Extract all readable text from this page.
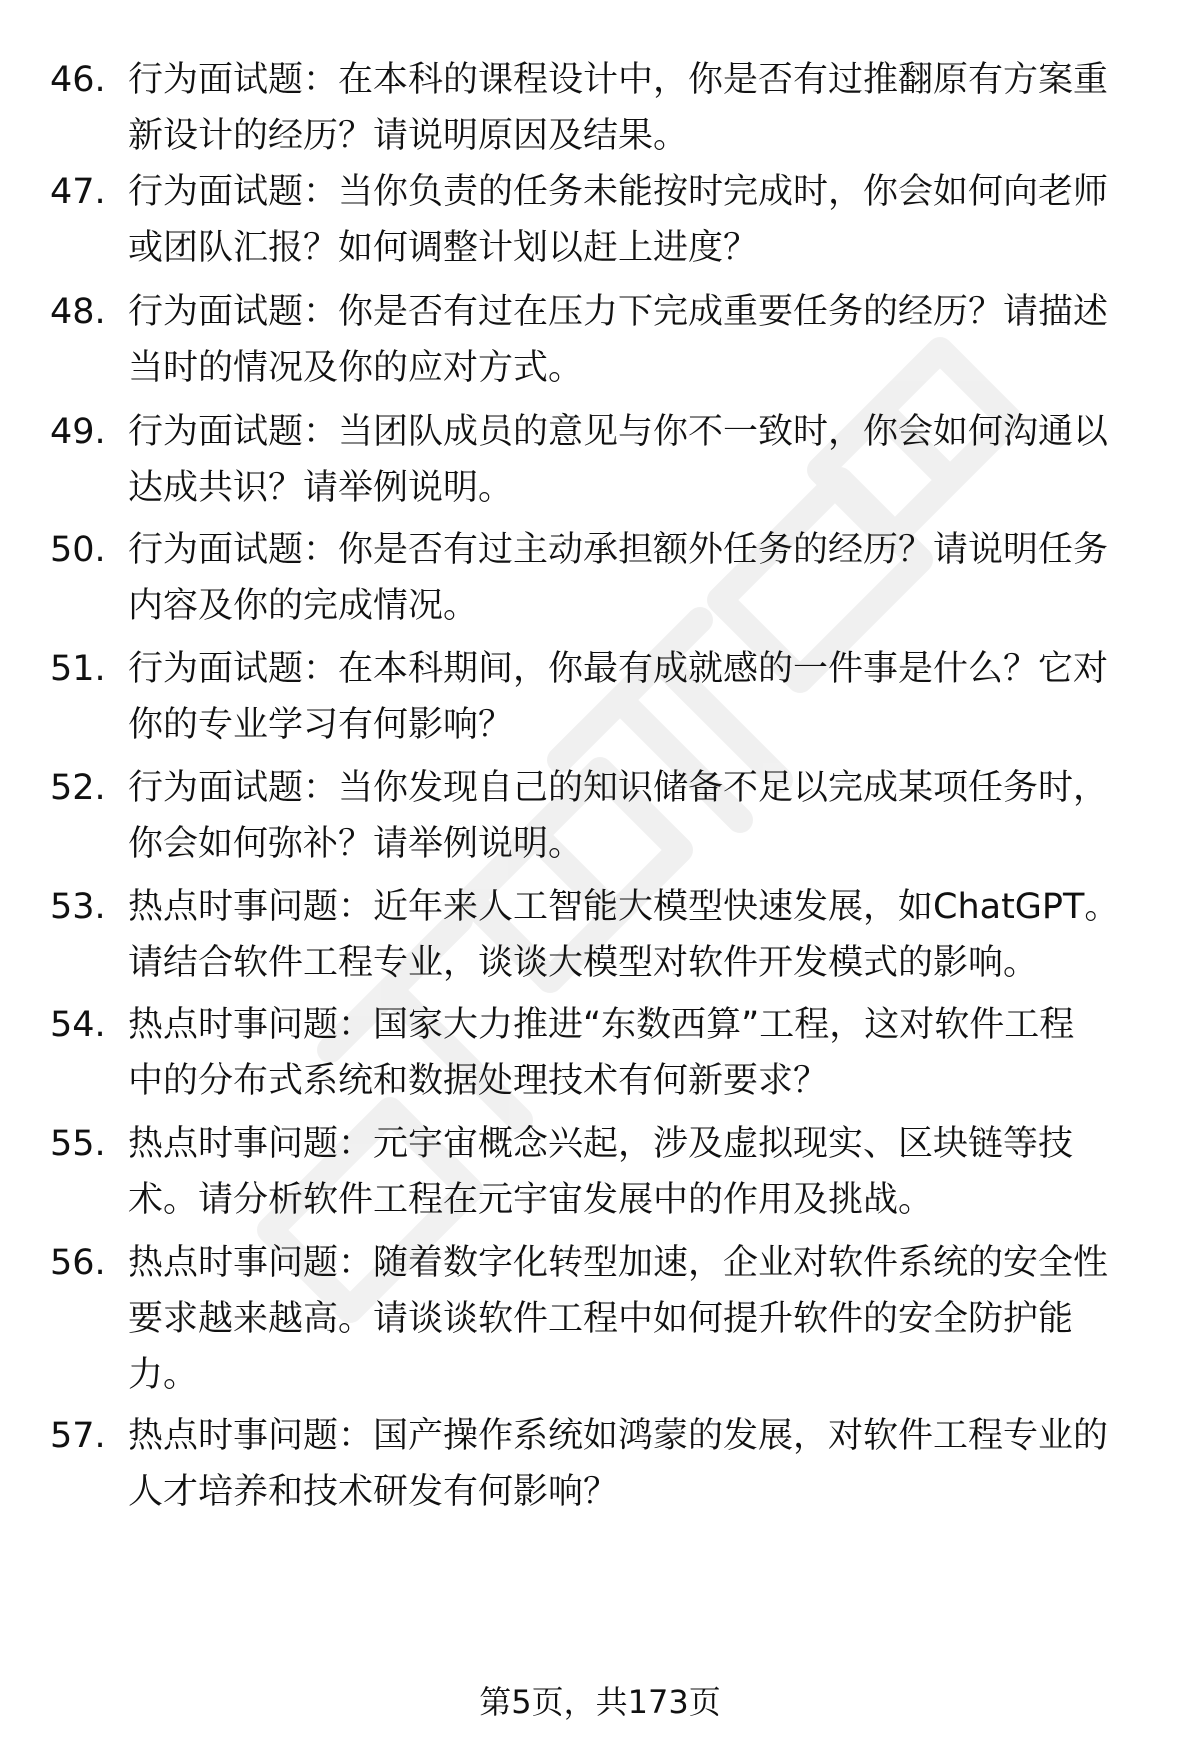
46. 行为面试题：在本科的课程设计中，你是否有过推翻原有方案重
新设计的经历？请说明原因及结果。
47. 行为面试题：当你负责的任务未能按时完成时，你会如何向老师
或团队汇报？如何调整计划以赶上进度？
48. 行为面试题：你是否有过在压力下完成重要任务的经历？请描述
当时的情况及你的应对方式。
49. 行为面试题：当团队成员的意见与你不一致时，你会如何沟通以
达成共识？请举例说明。
50. 行为面试题：你是否有过主动承担额外任务的经历？请说明任务
内容及你的完成情况。
51. 行为面试题：在本科期间，你最有成就感的一件事是什么？它对
你的专业学习有何影响？
52. 行为面试题：当你发现自己的知识储备不足以完成某项任务时，
你会如何弥补？请举例说明。
53. 热点时事问题：近年来人工智能大模型快速发展，如ChatGPT。
请结合软件工程专业，谈谈大模型对软件开发模式的影响。
54. 热点时事问题：国家大力推进“东数西算”工程，这对软件工程
中的分布式系统和数据处理技术有何新要求？
55. 热点时事问题：元宇宙概念兴起，涉及虚拟现实、区块链等技
术。请分析软件工程在元宇宙发展中的作用及挑战。
56. 热点时事问题：随着数字化转型加速，企业对软件系统的安全性
要求越来越高。请谈谈软件工程中如何提升软件的安全防护能
力。
57. 热点时事问题：国产操作系统如鸿蒙的发展，对软件工程专业的
人才培养和技术研发有何影响？
第5页，共173页
